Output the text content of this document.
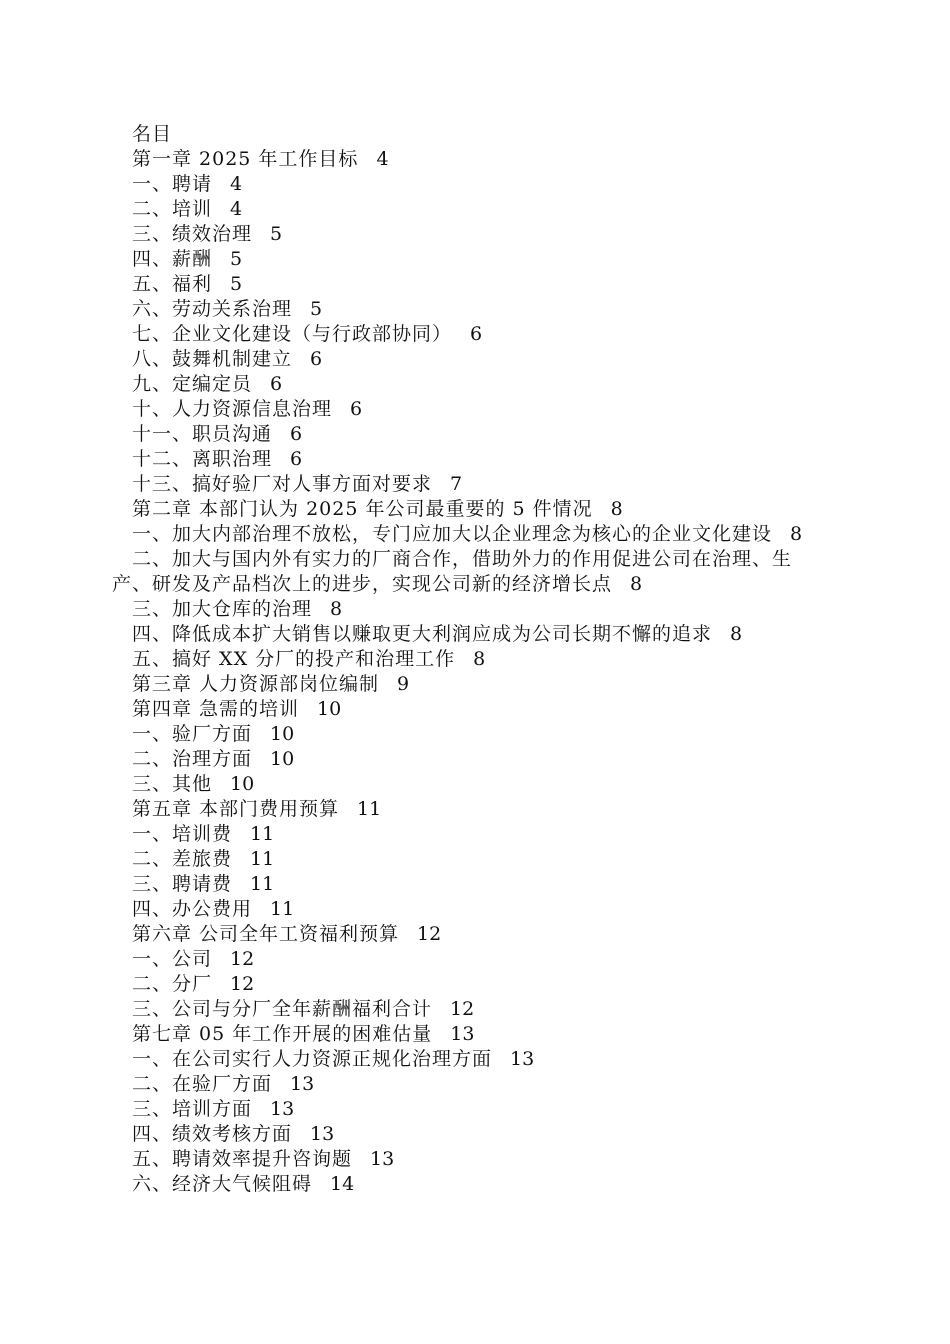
名目
第一章 2025 年工作目标 4
一、聘请 4
二、培训 4
三、绩效治理 5
四、薪酬 5
五、福利 5
六、劳动关系治理 5
七、企业文化建设（与行政部协同） 6
八、鼓舞机制建立 6
九、定编定员 6
十、人力资源信息治理 6
十一、职员沟通 6
十二、离职治理 6
十三、搞好验厂对人事方面对要求 7
第二章 本部门认为 2025 年公司最重要的 5 件情况 8
一、加大内部治理不放松，专门应加大以企业理念为核心的企业文化建设 8
二、加大与国内外有实力的厂商合作，借助外力的作用促进公司在治理、生产、研发及产品档次上的进步，实现公司新的经济增长点 8
三、加大仓库的治理 8
四、降低成本扩大销售以赚取更大利润应成为公司长期不懈的追求 8
五、搞好 XX 分厂的投产和治理工作 8
第三章 人力资源部岗位编制 9
第四章 急需的培训 10
一、验厂方面 10
二、治理方面 10
三、其他 10
第五章 本部门费用预算 11
一、培训费 11
二、差旅费 11
三、聘请费 11
四、办公费用 11
第六章 公司全年工资福利预算 12
一、公司 12
二、分厂 12
三、公司与分厂全年薪酬福利合计 12
第七章 05 年工作开展的困难估量 13
一、在公司实行人力资源正规化治理方面 13
二、在验厂方面 13
三、培训方面 13
四、绩效考核方面 13
五、聘请效率提升咨询题 13
六、经济大气候阻碍 14
